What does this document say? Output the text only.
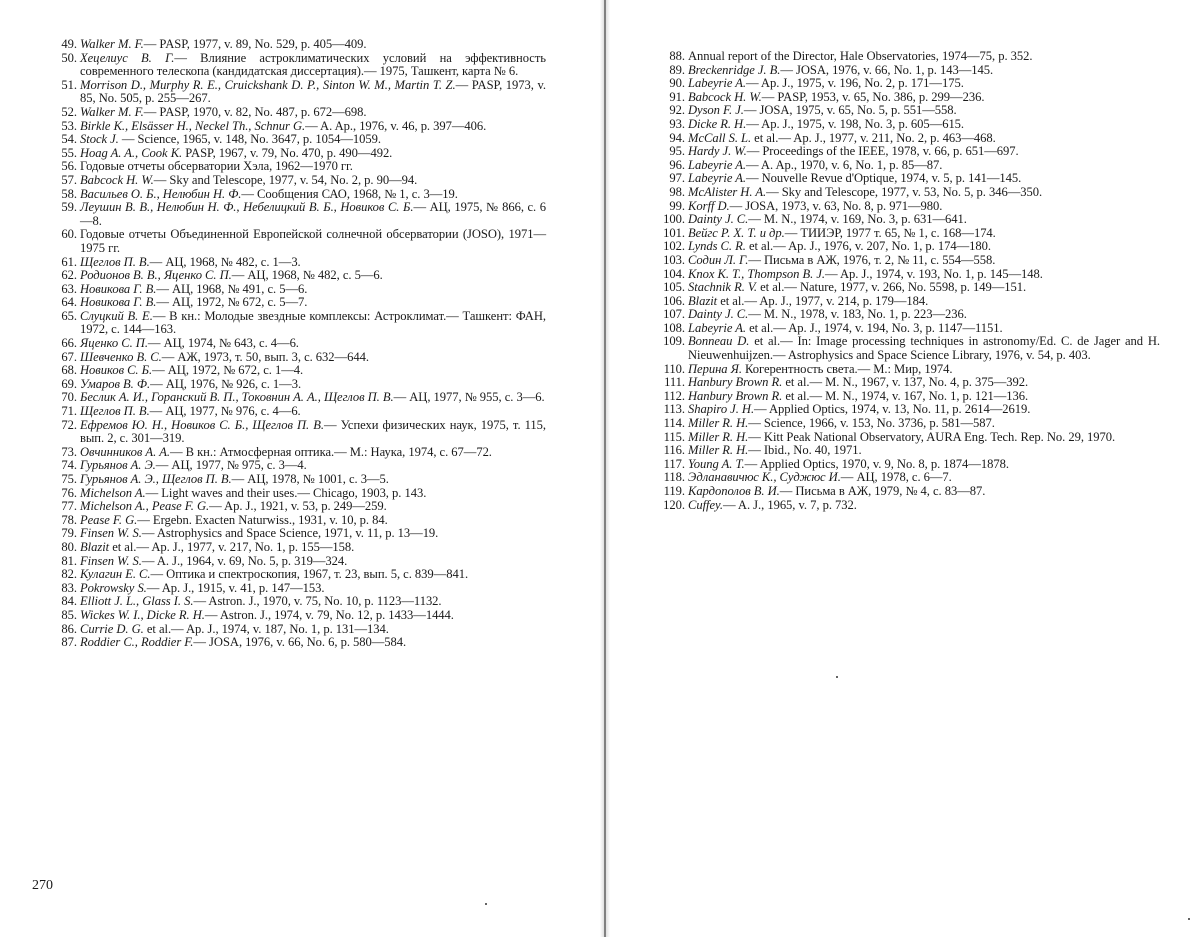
49. Walker M. F.— PASP, 1977, v. 89, No. 529, p. 405—409.
50. Хецелиус В. Г.— Влияние астроклиматических условий на эффективность современного телескопа (кандидатская диссертация).— 1975, Ташкент, карта № 6.
51. Morrison D., Murphy R. E., Cruickshank D. P., Sinton W. M., Martin T. Z.— PASP, 1973, v. 85, No. 505, p. 255—267.
52. Walker M. F.— PASP, 1970, v. 82, No. 487, p. 672—698.
53. Birkle K., Elsässer H., Neckel Th., Schnur G.— A. Ap., 1976, v. 46, p. 397—406.
54. Stock J. — Science, 1965, v. 148, No. 3647, p. 1054—1059.
55. Hoag A. A., Cook K. PASP, 1967, v. 79, No. 470, p. 490—492.
56. Годовые отчеты обсерватории Хэла, 1962—1970 гг.
57. Babcock H. W.— Sky and Telescope, 1977, v. 54, No. 2, p. 90—94.
58. Васильев О. Б., Нелюбин Н. Ф.— Сообщения САО, 1968, № 1, с. 3—19.
59. Леушин В. В., Нелюбин Н. Ф., Небелицкий В. Б., Новиков С. Б.— АЦ, 1975, № 866, с. 6—8.
60. Годовые отчеты Объединенной Европейской солнечной обсерватории (JOSO), 1971—1975 гг.
61. Щеглов П. В.— АЦ, 1968, № 482, с. 1—3.
62. Родионов В. В., Яценко С. П.— АЦ, 1968, № 482, с. 5—6.
63. Новикова Г. В.— АЦ, 1968, № 491, с. 5—6.
64. Новикова Г. В.— АЦ, 1972, № 672, с. 5—7.
65. Слуцкий В. Е.— В кн.: Молодые звездные комплексы: Астроклимат.— Ташкент: ФАН, 1972, с. 144—163.
66. Яценко С. П.— АЦ, 1974, № 643, с. 4—6.
67. Шевченко В. С.— АЖ, 1973, т. 50, вып. 3, с. 632—644.
68. Новиков С. Б.— АЦ, 1972, № 672, с. 1—4.
69. Умаров В. Ф.— АЦ, 1976, № 926, с. 1—3.
70. Беслик А. И., Горанский В. П., Токовнин А. А., Щеглов П. В.— АЦ, 1977, № 955, с. 3—6.
71. Щеглов П. В.— АЦ, 1977, № 976, с. 4—6.
72. Ефремов Ю. Н., Новиков С. Б., Щеглов П. В.— Успехи физических наук, 1975, т. 115, вып. 2, с. 301—319.
73. Овчинников А. А.— В кн.: Атмосферная оптика.— М.: Наука, 1974, с. 67—72.
74. Гурьянов А. Э.— АЦ, 1977, № 975, с. 3—4.
75. Гурьянов А. Э., Щеглов П. В.— АЦ, 1978, № 1001, с. 3—5.
76. Michelson A.— Light waves and their uses.— Chicago, 1903, p. 143.
77. Michelson A., Pease F. G.— Ap. J., 1921, v. 53, p. 249—259.
78. Pease F. G.— Ergebn. Exacten Naturwiss., 1931, v. 10, p. 84.
79. Finsen W. S.— Astrophysics and Space Science, 1971, v. 11, p. 13—19.
80. Blazit et al.— Ap. J., 1977, v. 217, No. 1, p. 155—158.
81. Finsen W. S.— A. J., 1964, v. 69, No. 5, p. 319—324.
82. Кулагин Е. С.— Оптика и спектроскопия, 1967, т. 23, вып. 5, с. 839—841.
83. Pokrowsky S.— Ap. J., 1915, v. 41, p. 147—153.
84. Elliott J. L., Glass I. S.— Astron. J., 1970, v. 75, No. 10, p. 1123—1132.
85. Wickes W. I., Dicke R. H.— Astron. J., 1974, v. 79, No. 12, p. 1433—1444.
86. Currie D. G. et al.— Ap. J., 1974, v. 187, No. 1, p. 131—134.
87. Roddier C., Roddier F.— JOSA, 1976, v. 66, No. 6, p. 580—584.
270
88. Annual report of the Director, Hale Observatories, 1974—75, p. 352.
89. Breckenridge J. B.— JOSA, 1976, v. 66, No. 1, p. 143—145.
90. Labeyrie A.— Ap. J., 1975, v. 196, No. 2, p. 171—175.
91. Babcock H. W.— PASP, 1953, v. 65, No. 386, p. 299—236.
92. Dyson F. J.— JOSA, 1975, v. 65, No. 5, p. 551—558.
93. Dicke R. H.— Ap. J., 1975, v. 198, No. 3, p. 605—615.
94. McCall S. L. et al.— Ap. J., 1977, v. 211, No. 2, p. 463—468.
95. Hardy J. W.— Proceedings of the IEEE, 1978, v. 66, p. 651—697.
96. Labeyrie A.— A. Ap., 1970, v. 6, No. 1, p. 85—87.
97. Labeyrie A.— Nouvelle Revue d'Optique, 1974, v. 5, p. 141—145.
98. McAlister H. A.— Sky and Telescope, 1977, v. 53, No. 5, p. 346—350.
99. Korff D.— JOSA, 1973, v. 63, No. 8, p. 971—980.
100. Dainty J. C.— M. N., 1974, v. 169, No. 3, p. 631—641.
101. Вейгс Р. Х. Т. и др.— ТИИЭР, 1977 т. 65, № 1, с. 168—174.
102. Lynds C. R. et al.— Ap. J., 1976, v. 207, No. 1, p. 174—180.
103. Содин Л. Г.— Письма в АЖ, 1976, т. 2, № 11, с. 554—558.
104. Knox K. T., Thompson B. J.— Ap. J., 1974, v. 193, No. 1, p. 145—148.
105. Stachnik R. V. et al.— Nature, 1977, v. 266, No. 5598, p. 149—151.
106. Blazit et al.— Ap. J., 1977, v. 214, p. 179—184.
107. Dainty J. C.— M. N., 1978, v. 183, No. 1, p. 223—236.
108. Labeyrie A. et al.— Ap. J., 1974, v. 194, No. 3, p. 1147—1151.
109. Bonneau D. et al.— In: Image processing techniques in astronomy/Ed. C. de Jager and H. Nieuwenhuijzen.— Astrophysics and Space Science Library, 1976, v. 54, p. 403.
110. Перина Я. Когерентность света.— М.: Мир, 1974.
111. Hanbury Brown R. et al.— M. N., 1967, v. 137, No. 4, p. 375—392.
112. Hanbury Brown R. et al.— M. N., 1974, v. 167, No. 1, p. 121—136.
113. Shapiro J. H.— Applied Optics, 1974, v. 13, No. 11, p. 2614—2619.
114. Miller R. H.— Science, 1966, v. 153, No. 3736, p. 581—587.
115. Miller R. H.— Kitt Peak National Observatory, AURA Eng. Tech. Rep. No. 29, 1970.
116. Miller R. H.— Ibid., No. 40, 1971.
117. Young A. T.— Applied Optics, 1970, v. 9, No. 8, p. 1874—1878.
118. Эдланавичюс К., Суджюс И.— АЦ, 1978, с. 6—7.
119. Кардополов В. И.— Письма в АЖ, 1979, № 4, с. 83—87.
120. Cuffey.— A. J., 1965, v. 7, p. 732.
